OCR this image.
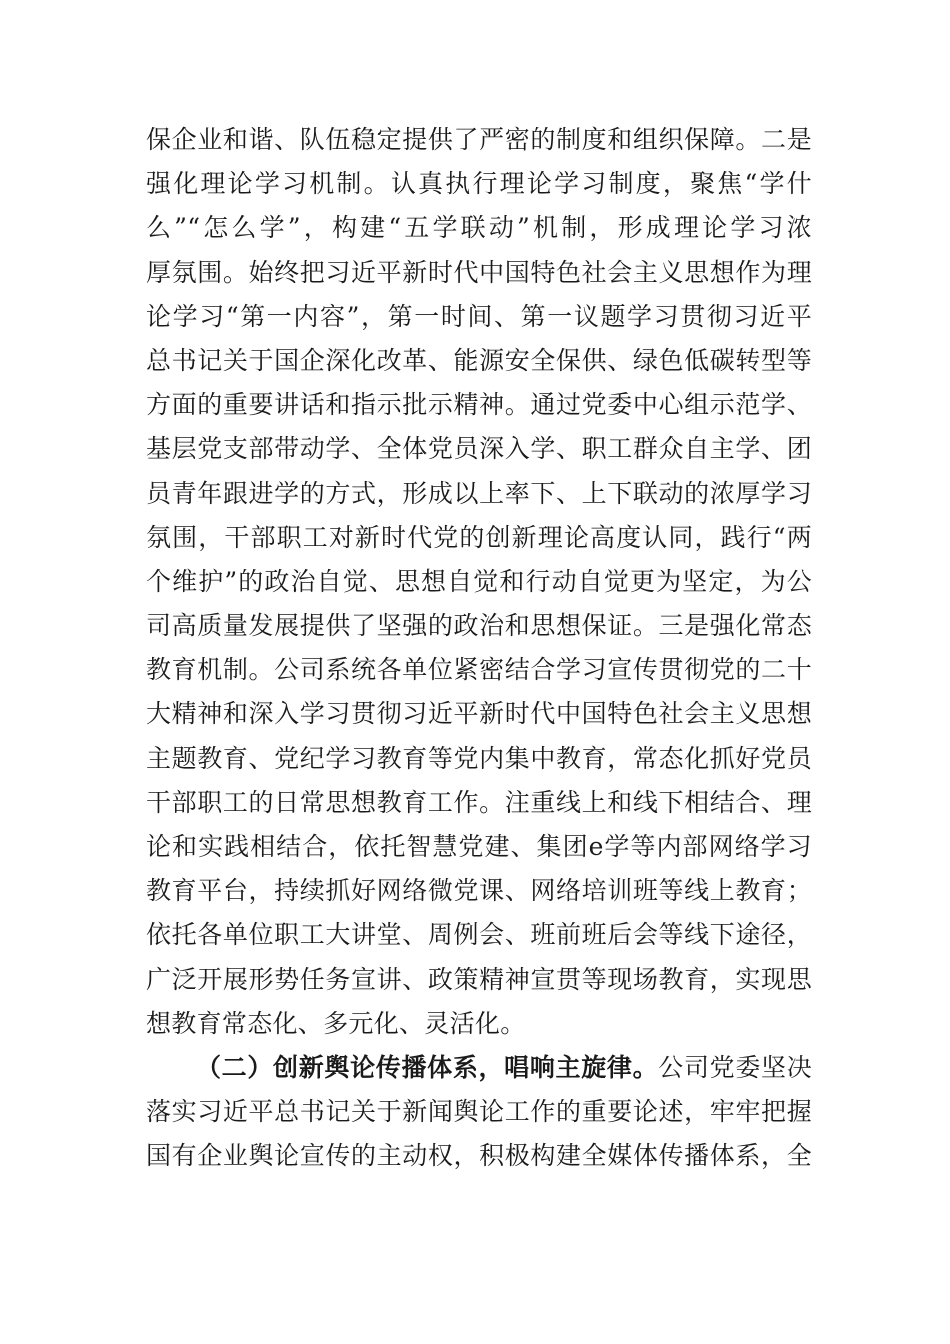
保企业和谐、队伍稳定提供了严密的制度和组织保障。二是
强化理论学习机制。认真执行理论学习制度，聚焦“学什
么”“怎么学”，构建“五学联动”机制，形成理论学习浓
厚氛围。始终把习近平新时代中国特色社会主义思想作为理
论学习“第一内容”，第一时间、第一议题学习贯彻习近平
总书记关于国企深化改革、能源安全保供、绿色低碳转型等
方面的重要讲话和指示批示精神。通过党委中心组示范学、
基层党支部带动学、全体党员深入学、职工群众自主学、团
员青年跟进学的方式，形成以上率下、上下联动的浓厚学习
氛围，干部职工对新时代党的创新理论高度认同，践行“两
个维护”的政治自觉、思想自觉和行动自觉更为坚定，为公
司高质量发展提供了坚强的政治和思想保证。三是强化常态
教育机制。公司系统各单位紧密结合学习宣传贯彻党的二十
大精神和深入学习贯彻习近平新时代中国特色社会主义思想
主题教育、党纪学习教育等党内集中教育，常态化抓好党员
干部职工的日常思想教育工作。注重线上和线下相结合、理
论和实践相结合，依托智慧党建、集团e学等内部网络学习
教育平台，持续抓好网络微党课、网络培训班等线上教育；
依托各单位职工大讲堂、周例会、班前班后会等线下途径，
广泛开展形势任务宣讲、政策精神宣贯等现场教育，实现思
想教育常态化、多元化、灵活化。
（二）创新舆论传播体系，唱响主旋律。公司党委坚决
落实习近平总书记关于新闻舆论工作的重要论述，牢牢把握
国有企业舆论宣传的主动权，积极构建全媒体传播体系，全
